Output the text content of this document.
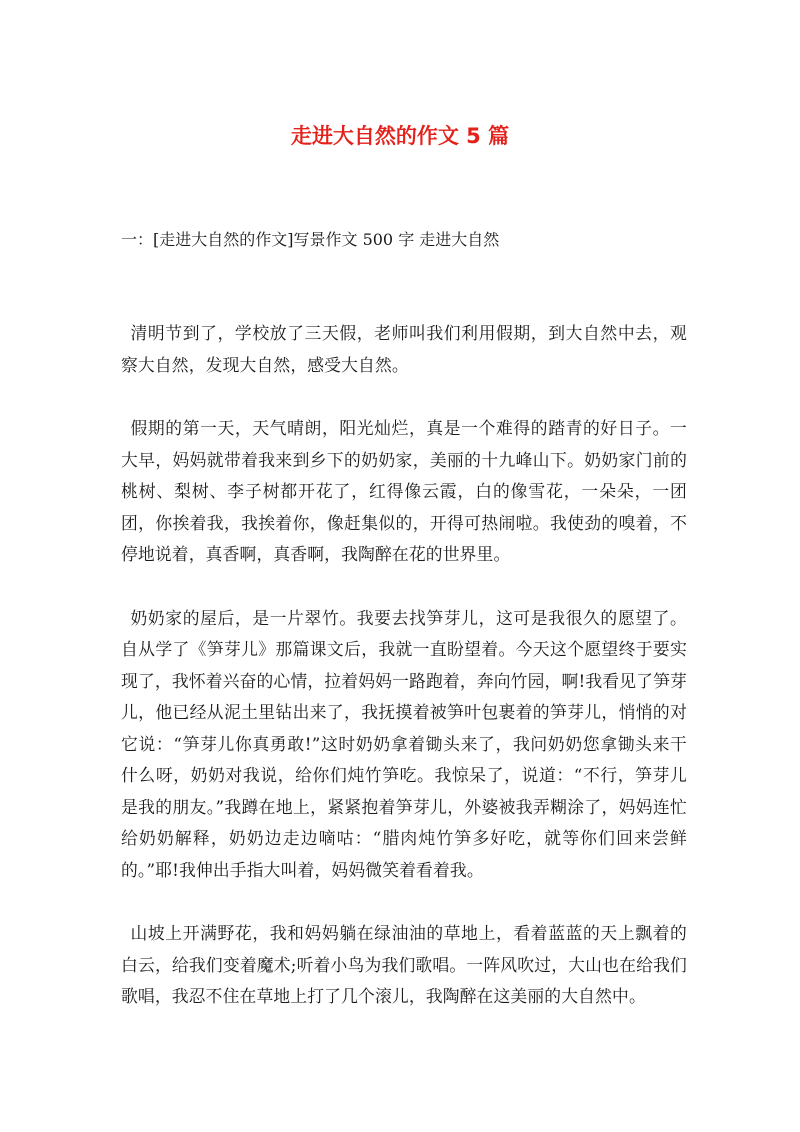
走进大自然的作文 5 篇
一：[走进大自然的作文]写景作文 500 字 走进大自然

清明节到了，学校放了三天假，老师叫我们利用假期，到大自然中去，观察大自然，发现大自然，感受大自然。

假期的第一天，天气晴朗，阳光灿烂，真是一个难得的踏青的好日子。一大早，妈妈就带着我来到乡下的奶奶家，美丽的十九峰山下。奶奶家门前的桃树、梨树、李子树都开花了，红得像云霞，白的像雪花，一朵朵，一团团，你挨着我，我挨着你，像赶集似的，开得可热闹啦。我使劲的嗅着，不停地说着，真香啊，真香啊，我陶醉在花的世界里。

奶奶家的屋后，是一片翠竹。我要去找笋芽儿，这可是我很久的愿望了。自从学了《笋芽儿》那篇课文后，我就一直盼望着。今天这个愿望终于要实现了，我怀着兴奋的心情，拉着妈妈一路跑着，奔向竹园，啊!我看见了笋芽儿，他已经从泥土里钻出来了，我抚摸着被笋叶包裹着的笋芽儿，悄悄的对它说：“笋芽儿你真勇敢!”这时奶奶拿着锄头来了，我问奶奶您拿锄头来干什么呀，奶奶对我说，给你们炖竹笋吃。我惊呆了，说道：“不行，笋芽儿是我的朋友。”我蹲在地上，紧紧抱着笋芽儿，外婆被我弄糊涂了，妈妈连忙给奶奶解释，奶奶边走边嘀咕：“腊肉炖竹笋多好吃，就等你们回来尝鲜的。”耶!我伸出手指大叫着，妈妈微笑着看着我。

山坡上开满野花，我和妈妈躺在绿油油的草地上，看着蓝蓝的天上飘着的白云，给我们变着魔术;听着小鸟为我们歌唱。一阵风吹过，大山也在给我们歌唱，我忍不住在草地上打了几个滚儿，我陶醉在这美丽的大自然中。
